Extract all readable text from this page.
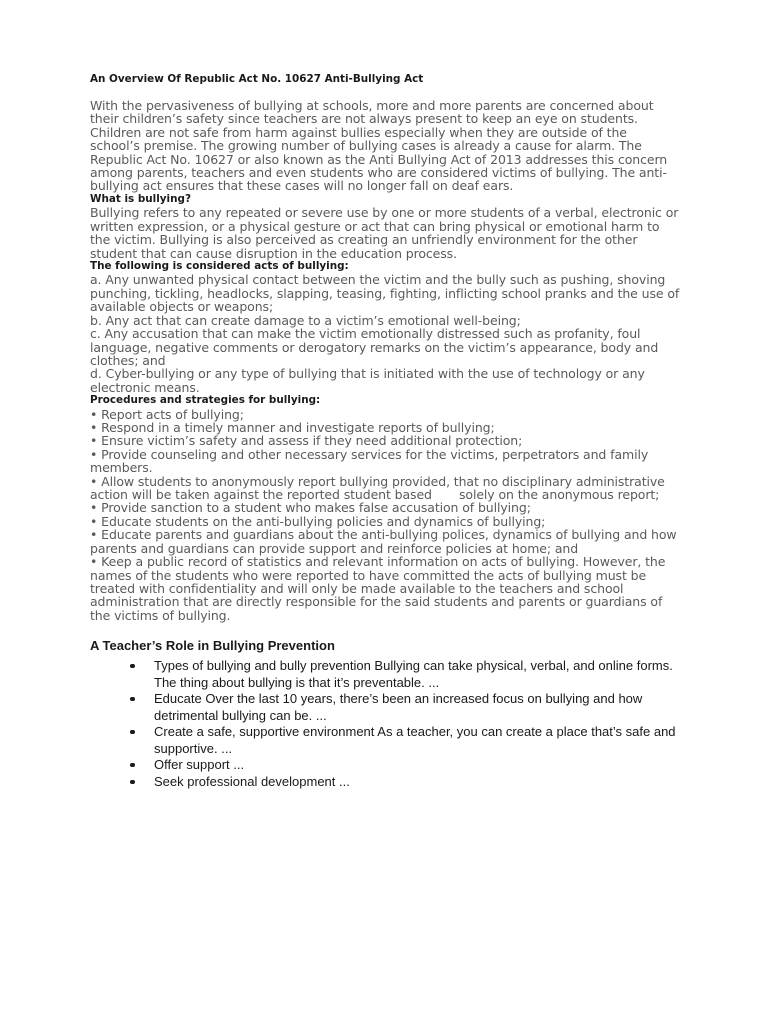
An Overview Of Republic Act No. 10627 Anti-Bullying Act

With the pervasiveness of bullying at schools, more and more parents are concerned about their children’s safety since teachers are not always present to keep an eye on students. Children are not safe from harm against bullies especially when they are outside of the school’s premise. The growing number of bullying cases is already a cause for alarm. The Republic Act No. 10627 or also known as the Anti Bullying Act of 2013 addresses this concern among parents, teachers and even students who are considered victims of bullying. The anti-bullying act ensures that these cases will no longer fall on deaf ears.

What is bullying?

Bullying refers to any repeated or severe use by one or more students of a verbal, electronic or written expression, or a physical gesture or act that can bring physical or emotional harm to the victim. Bullying is also perceived as creating an unfriendly environment for the other student that can cause disruption in the education process.

The following is considered acts of bullying:

a. Any unwanted physical contact between the victim and the bully such as pushing, shoving punching, tickling, headlocks, slapping, teasing, fighting, inflicting school pranks and the use of available objects or weapons;

b. Any act that can create damage to a victim’s emotional well-being;

c. Any accusation that can make the victim emotionally distressed such as profanity, foul language, negative comments or derogatory remarks on the victim’s appearance, body and clothes; and

d. Cyber-bullying or any type of bullying that is initiated with the use of technology or any electronic means.

Procedures and strategies for bullying:

• Report acts of bullying;

• Respond in a timely manner and investigate reports of bullying;

• Ensure victim’s safety and assess if they need additional protection;

• Provide counseling and other necessary services for the victims, perpetrators and family members.

• Allow students to anonymously report bullying provided, that no disciplinary administrative action will be taken against the reported student based       solely on the anonymous report;

• Provide sanction to a student who makes false accusation of bullying;

• Educate students on the anti-bullying policies and dynamics of bullying;

• Educate parents and guardians about the anti-bullying polices, dynamics of bullying and how parents and guardians can provide support and reinforce policies at home; and

• Keep a public record of statistics and relevant information on acts of bullying. However, the names of the students who were reported to have committed the acts of bullying must be treated with confidentiality and will only be made available to the teachers and school administration that are directly responsible for the said students and parents or guardians of the victims of bullying.

A Teacher’s Role in Bullying Prevention

Types of bullying and bully prevention Bullying can take physical, verbal, and online forms. The thing about bullying is that it’s preventable. ...
Educate Over the last 10 years, there’s been an increased focus on bullying and how detrimental bullying can be. ...
Create a safe, supportive environment As a teacher, you can create a place that’s safe and supportive. ...
Offer support ...
Seek professional development ...
